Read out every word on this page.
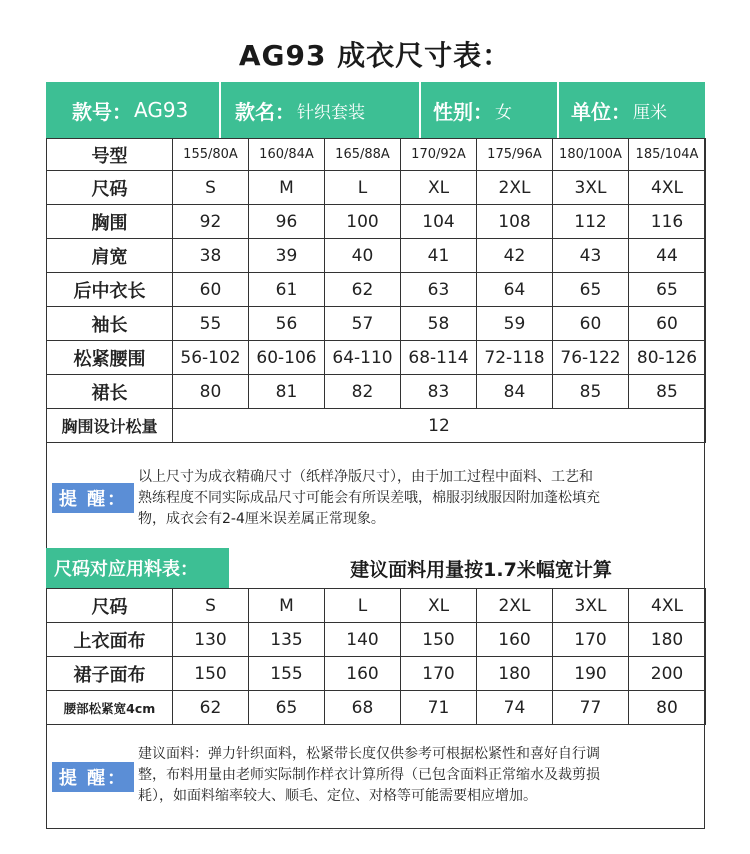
AG93 成衣尺寸表：
款号： AG93 款名： 针织套装	性别： 女	单位： 厘米
号型	155/80A	160/84A	165/88A	170/92A	175/96A	180/100A	185/104A
尺码	S	M	L	XL	2XL	3XL	4XL
胸围	92	96	100	104	108	112	116
肩宽	38	39	40	41	42	43	44
后中衣长	60	61	62	63	64	65	65
袖长	55	56	57	58	59	60	60
松紧腰围	56-102	60-106	64-110	68-114	72-118	76-122	80-126
裙长	80	81	82	83	84	85	85
胸围设计松量	12						
提 醒：
以上尺寸为成衣精确尺寸（纸样净版尺寸），由于加工过程中面料、工艺和
熟练程度不同实际成品尺寸可能会有所误差哦，棉服羽绒服因附加蓬松填充
物，成衣会有2-4厘米误差属正常现象。
尺码对应用料表：	建议面料用量按1.7米幅宽计算
尺码	S	M	L	XL	2XL	3XL	4XL
上衣面布	130	135	140	150	160	170	180
裙子面布	150	155	160	170	180	190	200
腰部松紧宽4cm	62	65	68	71	74	77	80
提 醒：
建议面料：弹力针织面料，松紧带长度仅供参考可根据松紧性和喜好自行调
整，布料用量由老师实际制作样衣计算所得（已包含面料正常缩水及裁剪损
耗），如面料缩率较大、顺毛、定位、对格等可能需要相应增加。
